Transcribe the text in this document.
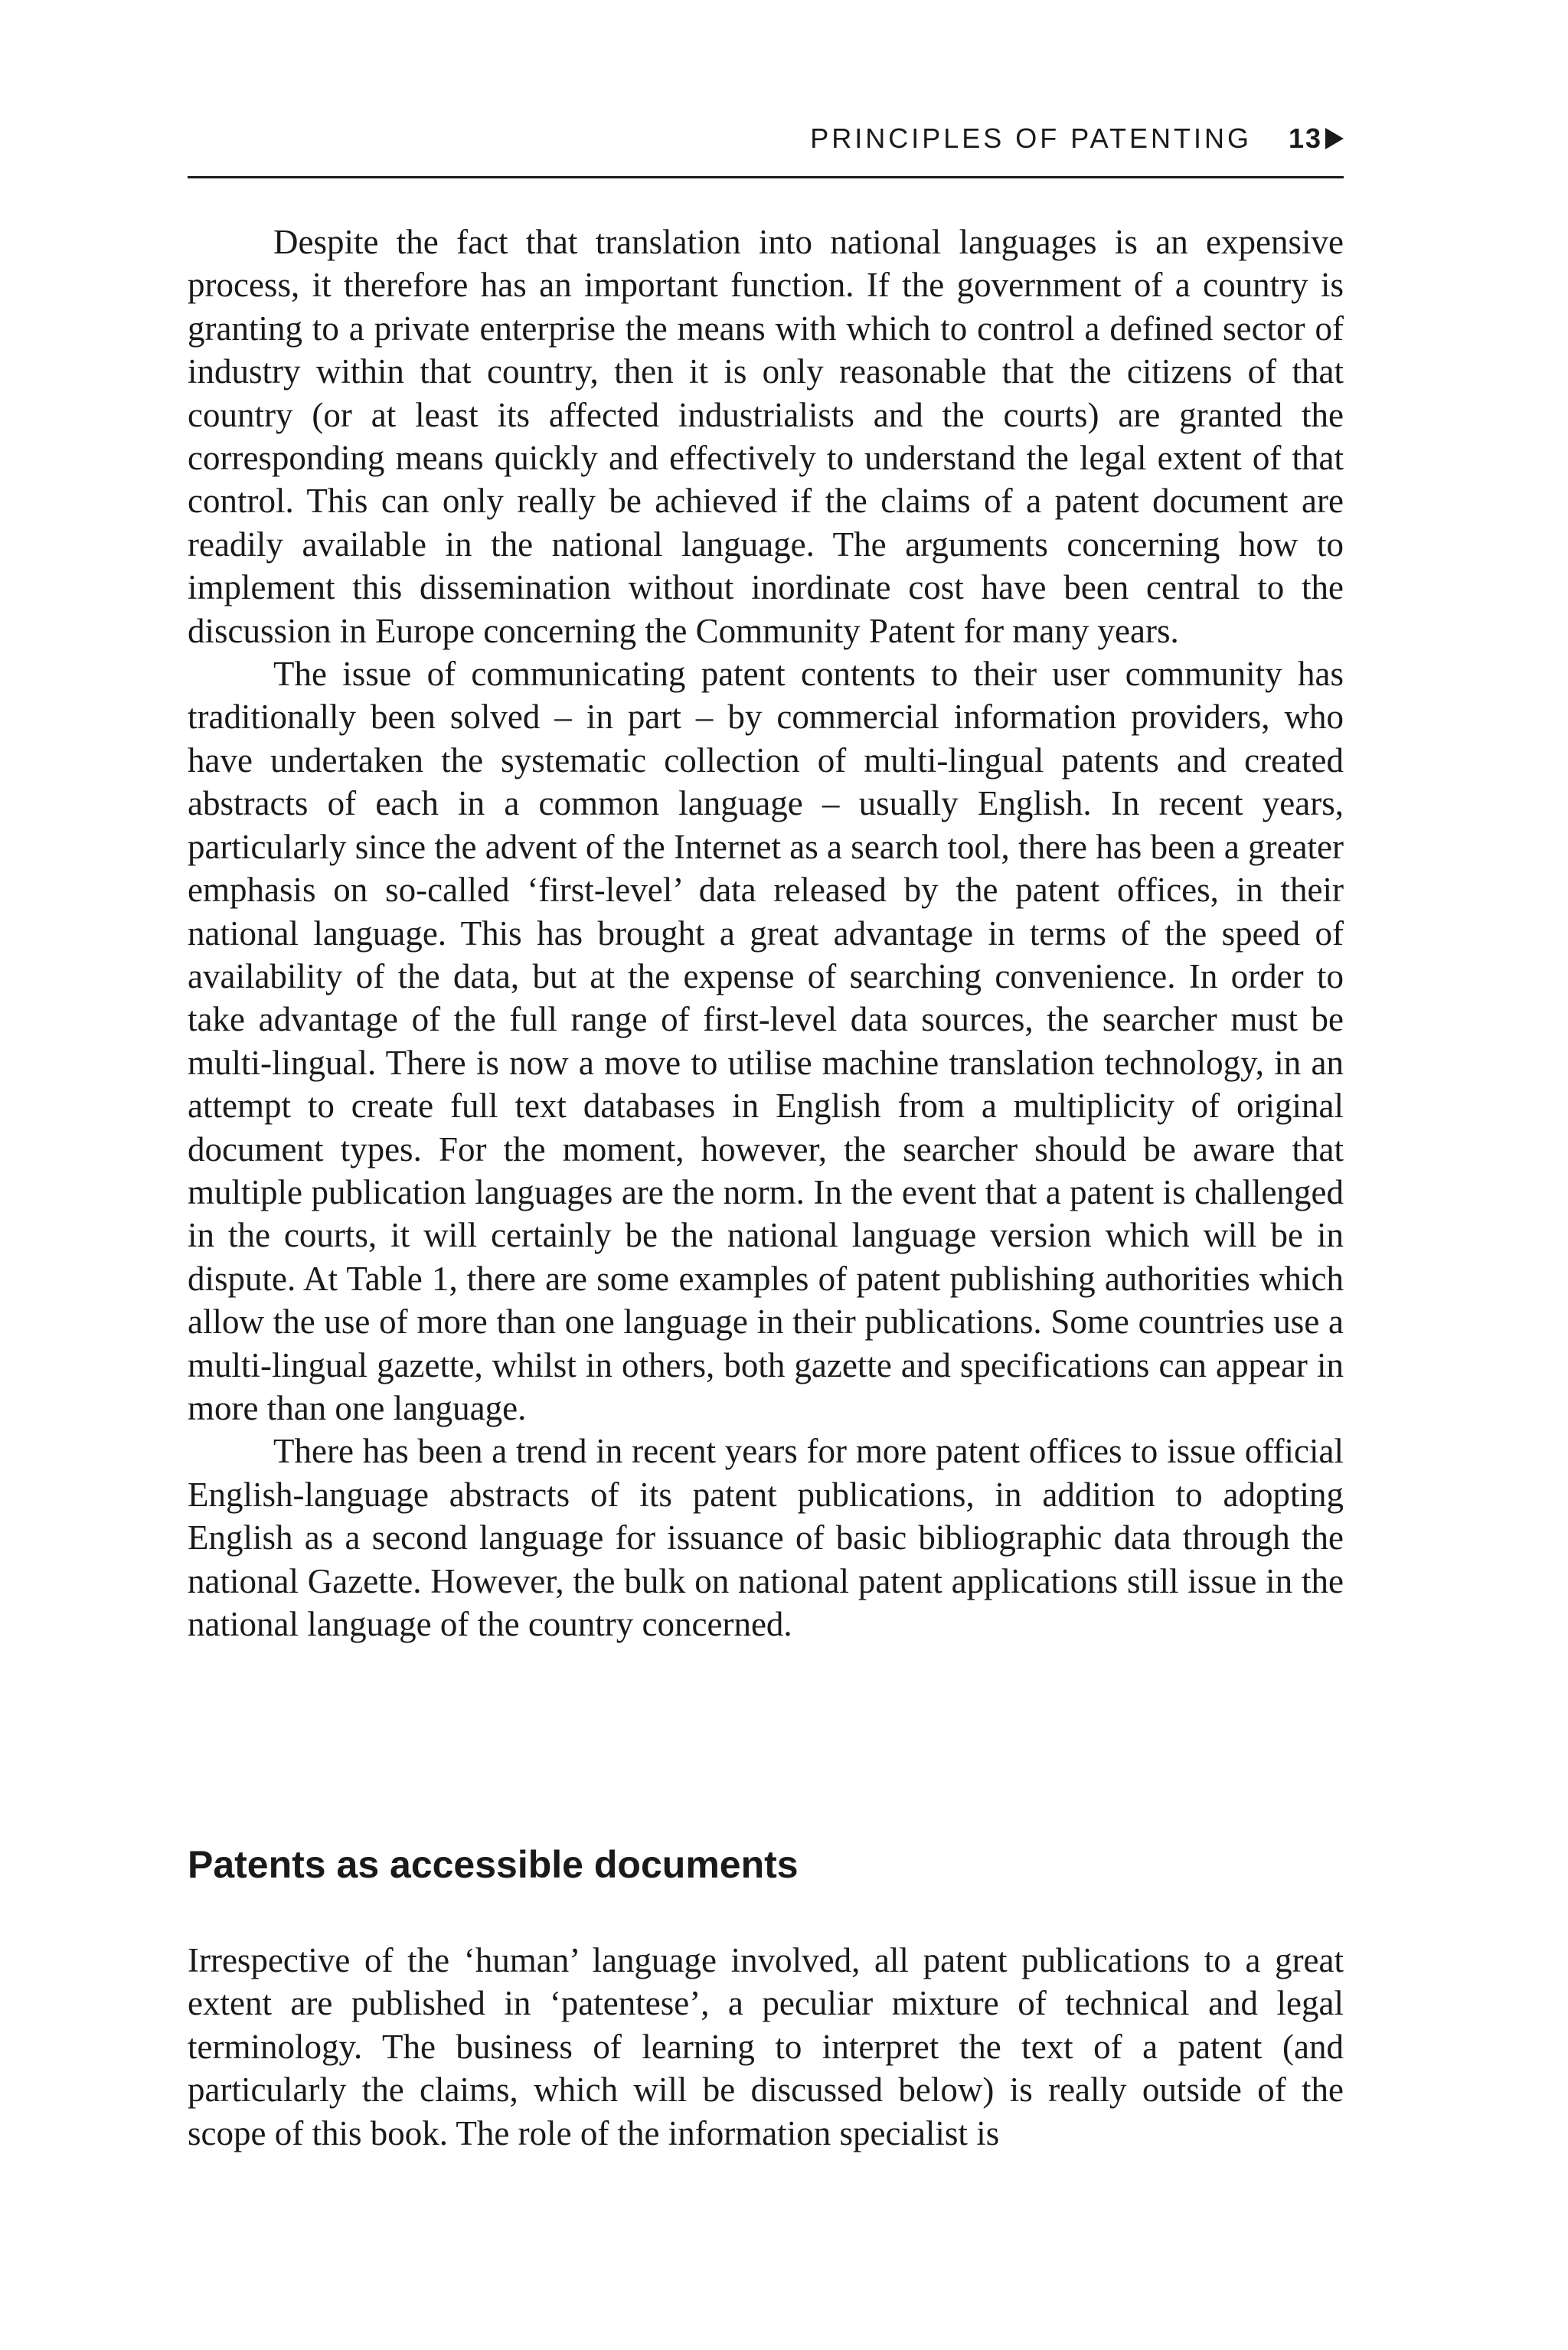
PRINCIPLES OF PATENTING 13

Despite the fact that translation into national languages is an expensive process, it therefore has an important function. If the government of a country is granting to a private enterprise the means with which to control a defined sector of industry within that country, then it is only reasonable that the citizens of that country (or at least its affected industrialists and the courts) are granted the corresponding means quickly and effectively to understand the legal extent of that control. This can only really be achieved if the claims of a patent document are readily available in the national language. The arguments concerning how to implement this dissemination without inordinate cost have been central to the discussion in Europe concerning the Community Patent for many years.

The issue of communicating patent contents to their user community has traditionally been solved – in part – by commercial information providers, who have undertaken the systematic collection of multi-lingual patents and created abstracts of each in a common language – usually English. In recent years, particularly since the advent of the Internet as a search tool, there has been a greater emphasis on so-called ‘first-level’ data released by the patent offices, in their national language. This has brought a great advantage in terms of the speed of availability of the data, but at the expense of searching convenience. In order to take advantage of the full range of first-level data sources, the searcher must be multi-lingual. There is now a move to utilise machine translation technology, in an attempt to create full text databases in English from a multiplicity of original document types. For the moment, however, the searcher should be aware that multiple publication languages are the norm. In the event that a patent is challenged in the courts, it will certainly be the national language version which will be in dispute. At Table 1, there are some examples of patent publishing authorities which allow the use of more than one language in their publications. Some countries use a multi-lingual gazette, whilst in others, both gazette and specifications can appear in more than one language.

There has been a trend in recent years for more patent offices to issue official English-language abstracts of its patent publications, in addition to adopting English as a second language for issuance of basic bibliographic data through the national Gazette. However, the bulk on national patent applications still issue in the national language of the country concerned.

Patents as accessible documents

Irrespective of the ‘human’ language involved, all patent publications to a great extent are published in ‘patentese’, a peculiar mixture of technical and legal terminology. The business of learning to interpret the text of a patent (and particularly the claims, which will be discussed below) is really outside of the scope of this book. The role of the information specialist is
